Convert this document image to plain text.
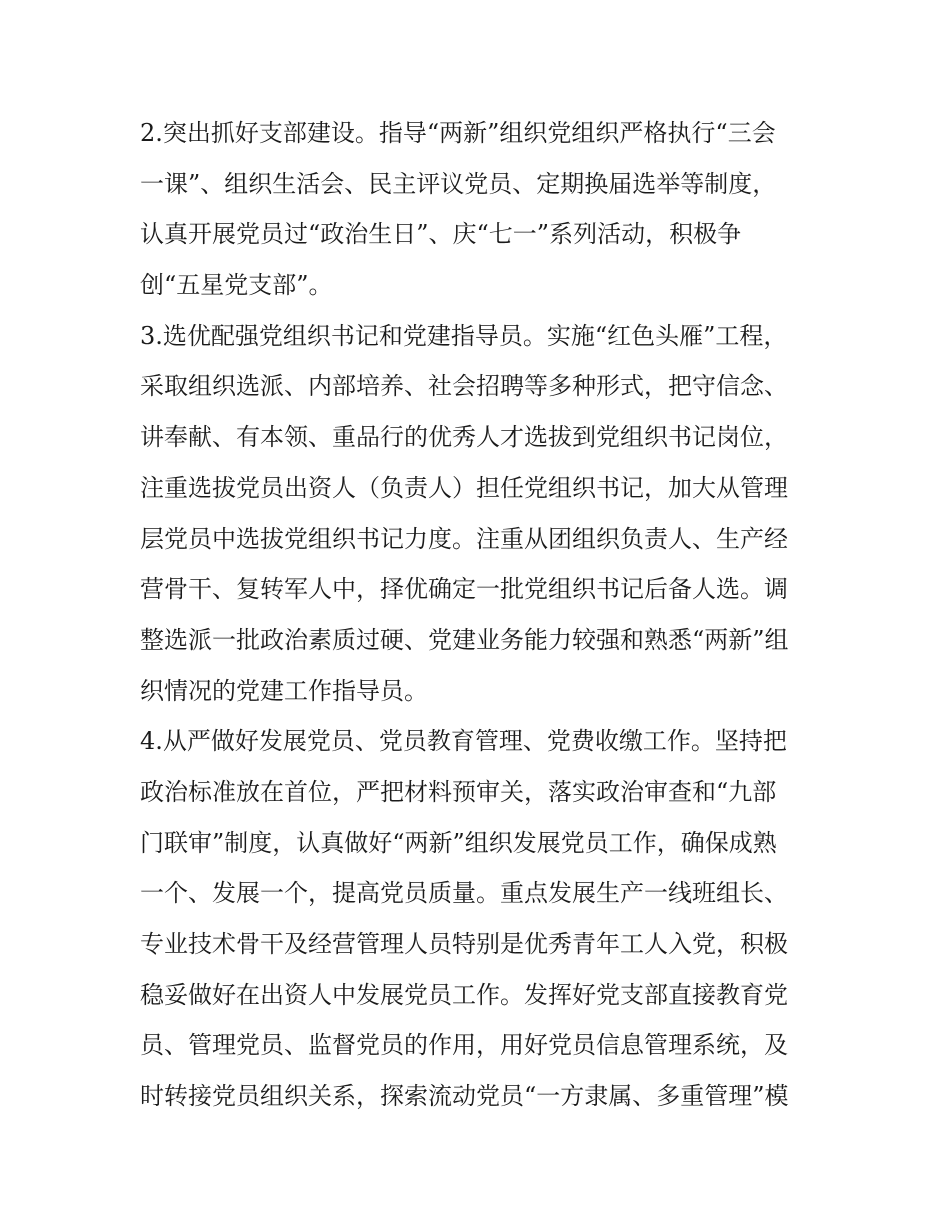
2.突出抓好支部建设。指导“两新”组织党组织严格执行“三会
一课”、组织生活会、民主评议党员、定期换届选举等制度，
认真开展党员过“政治生日”、庆“七一”系列活动，积极争
创“五星党支部”。
3.选优配强党组织书记和党建指导员。实施“红色头雁”工程，
采取组织选派、内部培养、社会招聘等多种形式，把守信念、
讲奉献、有本领、重品行的优秀人才选拔到党组织书记岗位，
注重选拔党员出资人（负责人）担任党组织书记，加大从管理
层党员中选拔党组织书记力度。注重从团组织负责人、生产经
营骨干、复转军人中，择优确定一批党组织书记后备人选。调
整选派一批政治素质过硬、党建业务能力较强和熟悉“两新”组
织情况的党建工作指导员。
4.从严做好发展党员、党员教育管理、党费收缴工作。坚持把
政治标准放在首位，严把材料预审关，落实政治审查和“九部
门联审”制度，认真做好“两新”组织发展党员工作，确保成熟
一个、发展一个，提高党员质量。重点发展生产一线班组长、
专业技术骨干及经营管理人员特别是优秀青年工人入党，积极
稳妥做好在出资人中发展党员工作。发挥好党支部直接教育党
员、管理党员、监督党员的作用，用好党员信息管理系统，及
时转接党员组织关系，探索流动党员“一方隶属、多重管理”模
